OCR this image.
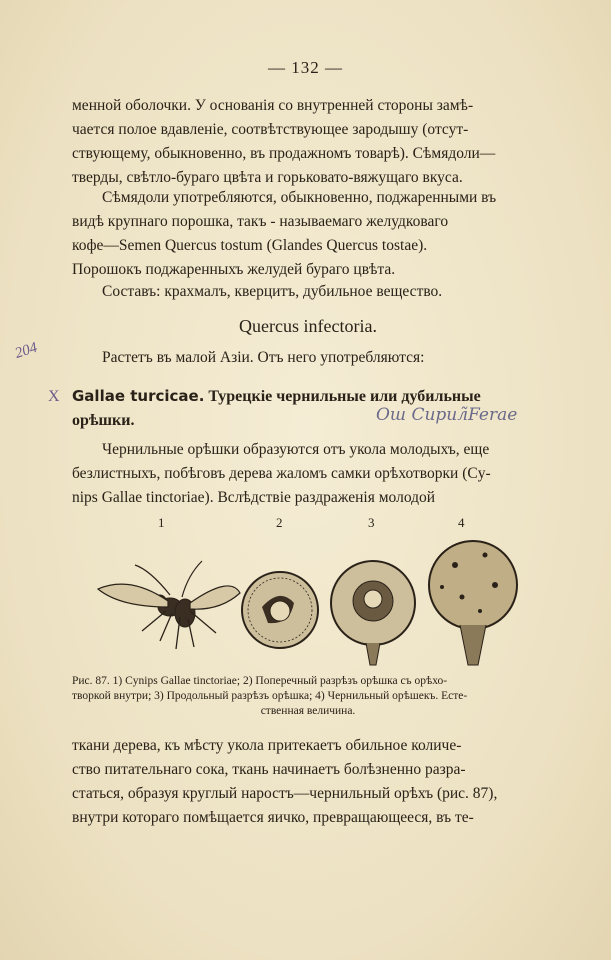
— 132 —
менной оболочки. У основанія со внутренней стороны замѣ-
чается полое вдавленіе, соотвѣтствующее зародышу (отсут-
ствующему, обыкновенно, въ продажномъ товарѣ). Сѣмядоли—
тверды, свѣтло-бураго цвѣта и горьковато-вяжущаго вкуса.
Сѣмядоли употребляются, обыкновенно, поджаренными въ
видѣ крупнаго порошка, такъ - называемаго желудковаго
кофе—Semen Quercus tostum (Glandes Quercus tostae).
Порошокъ поджаренныхъ желудей бураго цвѣта.
Составъ: крахмалъ, кверцитъ, дубильное вещество.
Quercus infectoria.
204	Растетъ въ малой Азіи. Отъ него употребляются:
X Gallae turcicae. Турецкіе чернильные или дубильные
орѣшки.	Ош Cupuл̃Ferae
Чернильные орѣшки образуются отъ укола молодыхъ, еще
безлистныхъ, побѣговъ дерева жаломъ самки орѣхотворки (Cy-
nips Gallae tinctoriae). Вслѣдствіе раздраженія молодой
1	2	3	4
Рис. 87. 1) Cynips Gallae tinctoriae; 2) Поперечный разрѣзъ орѣшка съ орѣхо-
творкой внутри; 3) Продольный разрѣзъ орѣшка; 4) Чернильный орѣшекъ. Есте-
ственная величина.
ткани дерева, къ мѣсту укола притекаетъ обильное количе-
ство питательнаго сока, ткань начинаетъ болѣзненно разра-
статься, образуя круглый наростъ—чернильный орѣхъ (рис. 87),
внутри котораго помѣщается яичко, превращающееся, въ те-
